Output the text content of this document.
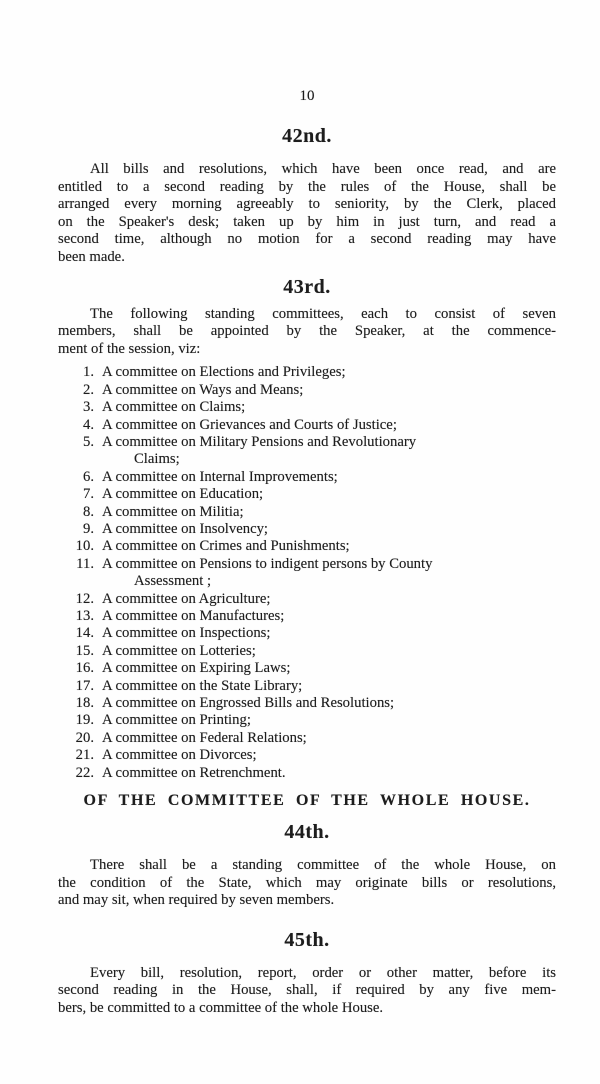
10
42nd.
All bills and resolutions, which have been once read, and are
entitled to a second reading by the rules of the House, shall be
arranged every morning agreeably to seniority, by the Clerk, placed
on the Speaker's desk; taken up by him in just turn, and read a
second time, although no motion for a second reading may have
been made.
43rd.
The following standing committees, each to consist of seven
members, shall be appointed by the Speaker, at the commence-
ment of the session, viz:
1. A committee on Elections and Privileges;
2. A committee on Ways and Means;
3. A committee on Claims;
4. A committee on Grievances and Courts of Justice;
5. A committee on Military Pensions and Revolutionary
Claims;
6. A committee on Internal Improvements;
7. A committee on Education;
8. A committee on Militia;
9. A committee on Insolvency;
10. A committee on Crimes and Punishments;
11. A committee on Pensions to indigent persons by County
Assessment ;
12. A committee on Agriculture;
13. A committee on Manufactures;
14. A committee on Inspections;
15. A committee on Lotteries;
16. A committee on Expiring Laws;
17. A committee on the State Library;
18. A committee on Engrossed Bills and Resolutions;
19. A committee on Printing;
20. A committee on Federal Relations;
21. A committee on Divorces;
22. A committee on Retrenchment.
OF THE COMMITTEE OF THE WHOLE HOUSE.
44th.
There shall be a standing committee of the whole House, on
the condition of the State, which may originate bills or resolutions,
and may sit, when required by seven members.
45th.
Every bill, resolution, report, order or other matter, before its
second reading in the House, shall, if required by any five mem-
bers, be committed to a committee of the whole House.
